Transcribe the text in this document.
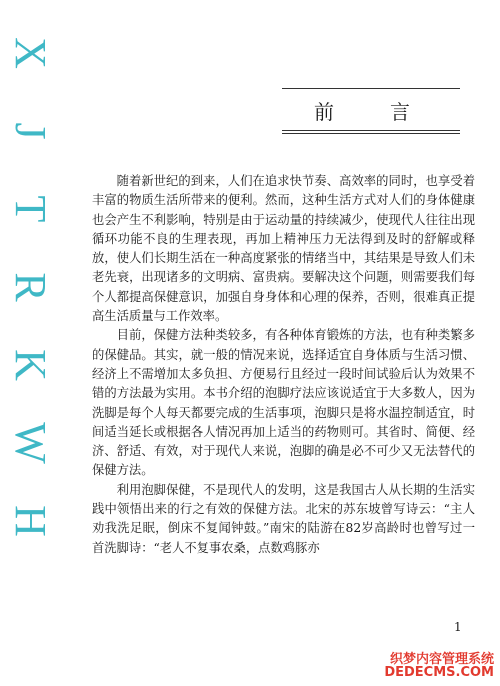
X
J
T
R
K
W
H
前　言

随着新世纪的到来，人们在追求快节奏、高效率的同时，也享受着丰富的物质生活所带来的便利。然而，这种生活方式对人们的身体健康也会产生不利影响，特别是由于运动量的持续减少，使现代人往往出现循环功能不良的生理表现，再加上精神压力无法得到及时的舒解或释放，使人们长期生活在一种高度紧张的情绪当中，其结果是导致人们未老先衰，出现诸多的文明病、富贵病。要解决这个问题，则需要我们每个人都提高保健意识，加强自身身体和心理的保养，否则，很难真正提高生活质量与工作效率。

目前，保健方法种类较多，有各种体育锻炼的方法，也有种类繁多的保健品。其实，就一般的情况来说，选择适宜自身体质与生活习惯、经济上不需增加太多负担、方便易行且经过一段时间试验后认为效果不错的方法最为实用。本书介绍的泡脚疗法应该说适宜于大多数人，因为洗脚是每个人每天都要完成的生活事项，泡脚只是将水温控制适宜，时间适当延长或根据各人情况再加上适当的药物则可。其省时、简便、经济、舒适、有效，对于现代人来说，泡脚的确是必不可少又无法替代的保健方法。

利用泡脚保健，不是现代人的发明，这是我国古人从长期的生活实践中领悟出来的行之有效的保健方法。北宋的苏东坡曾写诗云：“主人劝我洗足眠，倒床不复闻钟鼓。”南宋的陆游在82岁高龄时也曾写过一首洗脚诗：“老人不复事农桑，点数鸡豚亦

1
织梦内容管理系统
DEDECMS.COM
